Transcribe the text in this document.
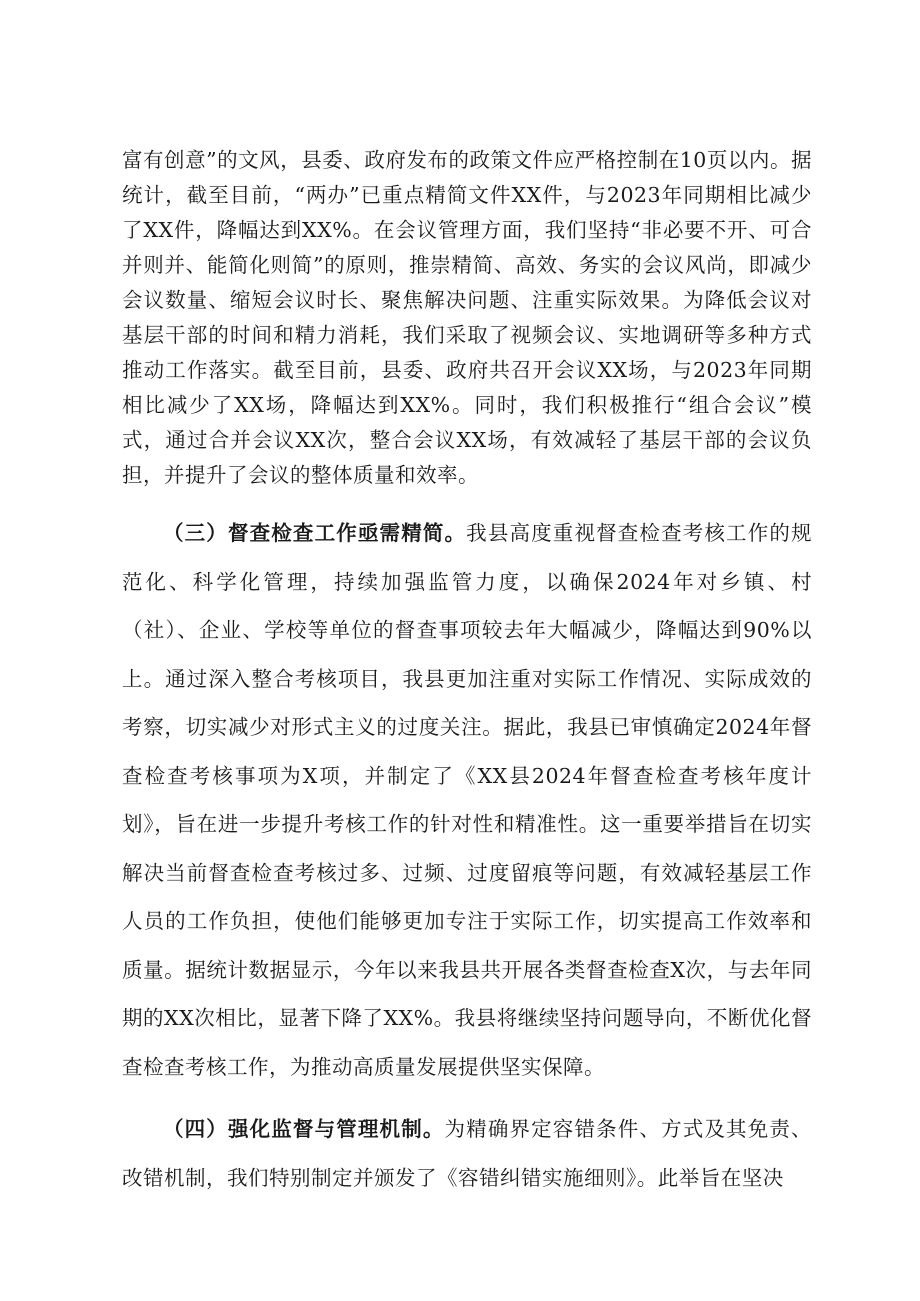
富有创意”的文风，县委、政府发布的政策文件应严格控制在10页以内。据统计，截至目前，“两办”已重点精简文件XX件，与2023年同期相比减少了XX件，降幅达到XX%。在会议管理方面，我们坚持“非必要不开、可合并则并、能简化则简”的原则，推崇精简、高效、务实的会议风尚，即减少会议数量、缩短会议时长、聚焦解决问题、注重实际效果。为降低会议对基层干部的时间和精力消耗，我们采取了视频会议、实地调研等多种方式推动工作落实。截至目前，县委、政府共召开会议XX场，与2023年同期相比减少了XX场，降幅达到XX%。同时，我们积极推行“组合会议”模式，通过合并会议XX次，整合会议XX场，有效减轻了基层干部的会议负担，并提升了会议的整体质量和效率。

（三）督查检查工作亟需精简。我县高度重视督查检查考核工作的规范化、科学化管理，持续加强监管力度，以确保2024年对乡镇、村（社）、企业、学校等单位的督查事项较去年大幅减少，降幅达到90%以上。通过深入整合考核项目，我县更加注重对实际工作情况、实际成效的考察，切实减少对形式主义的过度关注。据此，我县已审慎确定2024年督查检查考核事项为X项，并制定了《XX县2024年督查检查考核年度计划》，旨在进一步提升考核工作的针对性和精准性。这一重要举措旨在切实解决当前督查检查考核过多、过频、过度留痕等问题，有效减轻基层工作人员的工作负担，使他们能够更加专注于实际工作，切实提高工作效率和质量。据统计数据显示，今年以来我县共开展各类督查检查X次，与去年同期的XX次相比，显著下降了XX%。我县将继续坚持问题导向，不断优化督查检查考核工作，为推动高质量发展提供坚实保障。

（四）强化监督与管理机制。为精确界定容错条件、方式及其免责、改错机制，我们特别制定并颁发了《容错纠错实施细则》。此举旨在坚决
